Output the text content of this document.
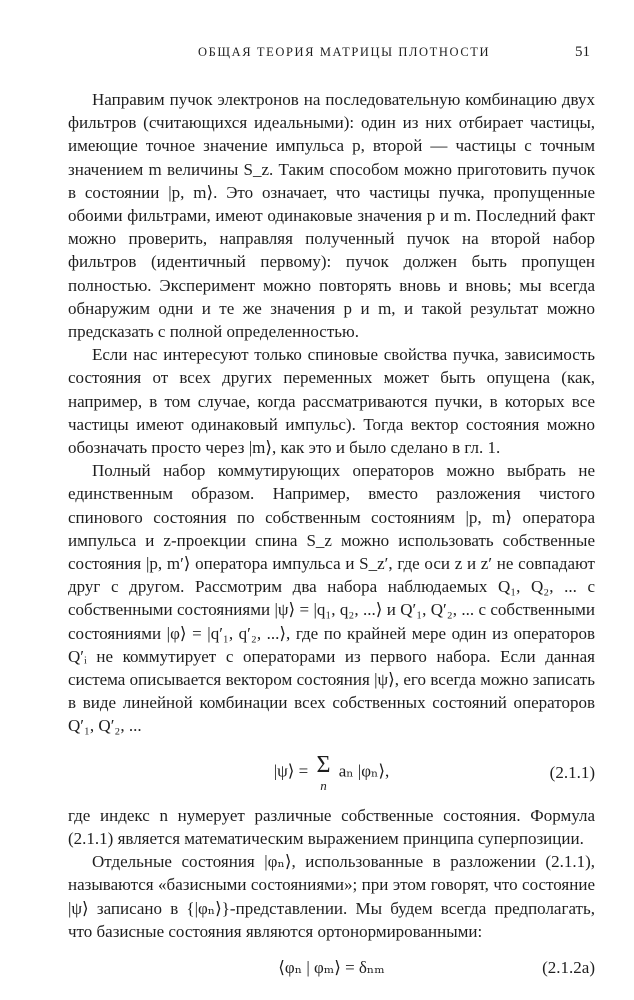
ОБЩАЯ ТЕОРИЯ МАТРИЦЫ ПЛОТНОСТИ	51

Направим пучок электронов на последовательную комбинацию двух фильтров (считающихся идеальными): один из них отбирает частицы, имеющие точное значение импульса p, второй — частицы с точным значением m величины S_z. Таким способом можно приготовить пучок в состоянии |p, m⟩. Это означает, что частицы пучка, пропущенные обоими фильтрами, имеют одинаковые значения p и m. Последний факт можно проверить, направляя полученный пучок на второй набор фильтров (идентичный первому): пучок должен быть пропущен полностью. Эксперимент можно повторять вновь и вновь; мы всегда обнаружим одни и те же значения p и m, и такой результат можно предсказать с полной определенностью.

Если нас интересуют только спиновые свойства пучка, зависимость состояния от всех других переменных может быть опущена (как, например, в том случае, когда рассматриваются пучки, в которых все частицы имеют одинаковый импульс). Тогда вектор состояния можно обозначать просто через |m⟩, как это и было сделано в гл. 1.

Полный набор коммутирующих операторов можно выбрать не единственным образом. Например, вместо разложения чистого спинового состояния по собственным состояниям |p, m⟩ оператора импульса и z-проекции спина S_z можно использовать собственные состояния |p, m′⟩ оператора импульса и S_z′, где оси z и z′ не совпадают друг с другом. Рассмотрим два набора наблюдаемых Q₁, Q₂, ... с собственными состояниями |ψ⟩ = |q₁, q₂, ...⟩ и Q′₁, Q′₂, ... с собственными состояниями |φ⟩ = |q′₁, q′₂, ...⟩, где по крайней мере один из операторов Q′ᵢ не коммутирует с операторами из первого набора. Если данная система описывается вектором состояния |ψ⟩, его всегда можно записать в виде линейной комбинации всех собственных состояний операторов Q′₁, Q′₂, ...

|ψ⟩ = Σ
n
aₙ |φₙ⟩,	(2.1.1)

где индекс n нумерует различные собственные состояния. Формула (2.1.1) является математическим выражением принципа суперпозиции.

Отдельные состояния |φₙ⟩, использованные в разложении (2.1.1), называются «базисными состояниями»; при этом говорят, что состояние |ψ⟩ записано в {|φₙ⟩}-представлении. Мы будем всегда предполагать, что базисные состояния являются ортонормированными:

⟨φₙ | φₘ⟩ = δₙₘ	(2.1.2a)
